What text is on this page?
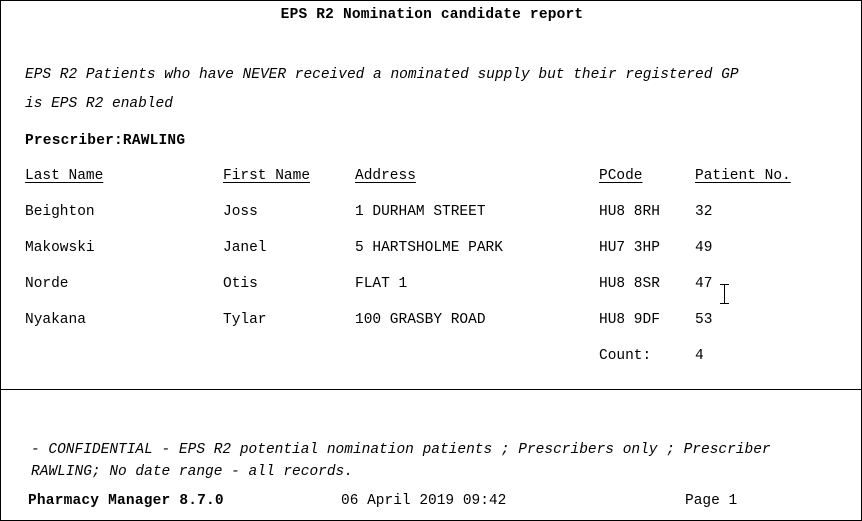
EPS R2 Nomination candidate report
EPS R2 Patients who have NEVER received a nominated supply but their registered GP
is EPS R2 enabled
Prescriber:RAWLING
Last Name	First Name	Address	PCode	Patient No.
Beighton	Joss	1 DURHAM STREET	HU8 8RH 32
Makowski	Janel	5 HARTSHOLME PARK	HU7 3HP 49
Norde	Otis	FLAT 1	HU8 8SR 47
Nyakana	Tylar	100 GRASBY ROAD	HU8 9DF 53
Count:	4
- CONFIDENTIAL - EPS R2 potential nomination patients ; Prescribers only ; Prescriber
RAWLING; No date range - all records.
Pharmacy Manager 8.7.0	06 April 2019 09:42	Page 1
